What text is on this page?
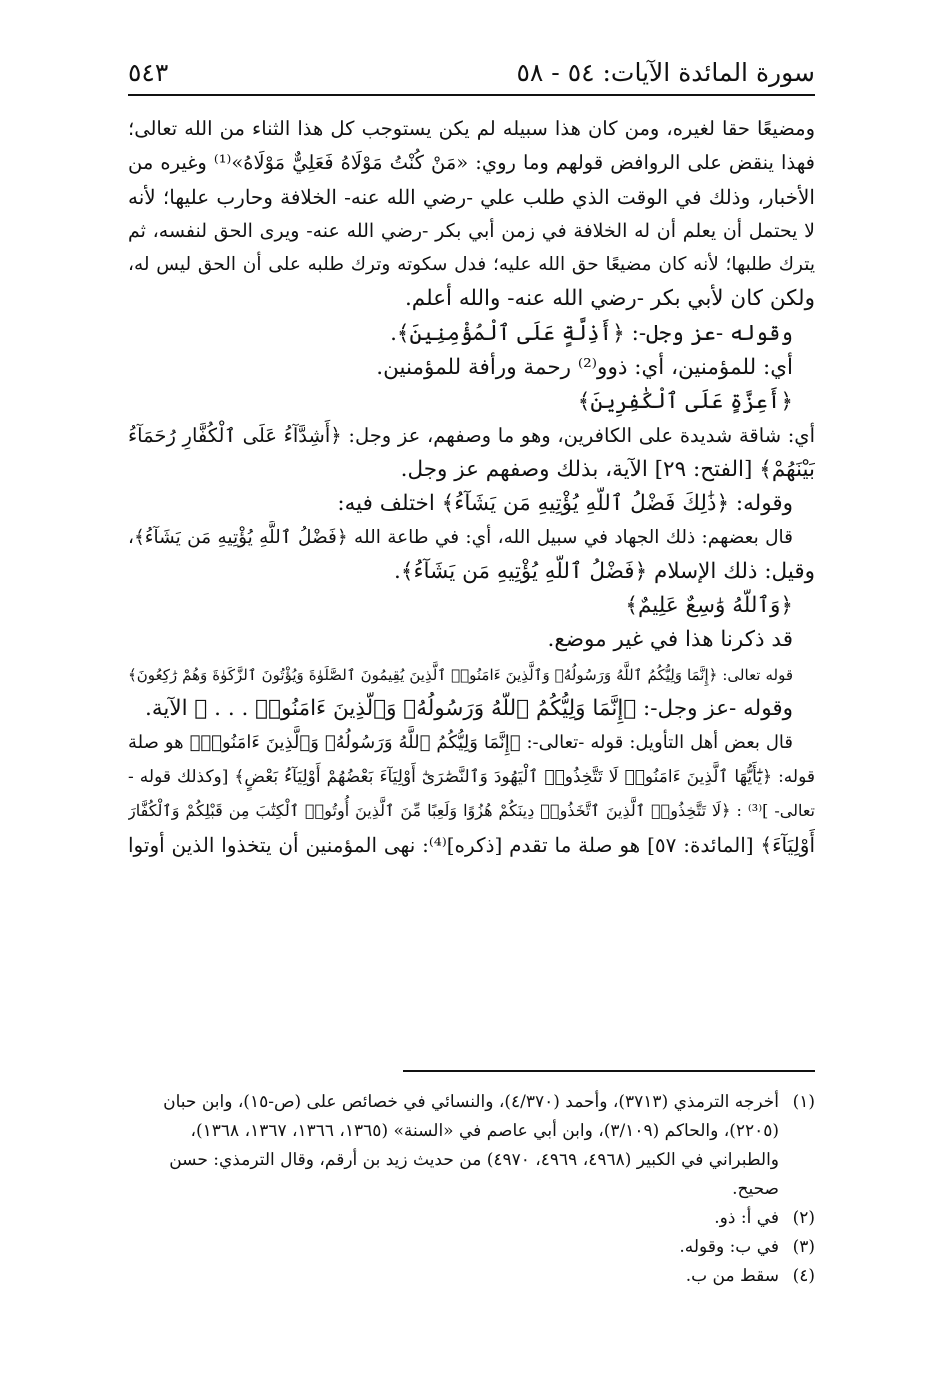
سورة المائدة الآيات: ٥٤ - ٥٨
٥٤٣
ومضيعًا حقا لغيره، ومن كان هذا سبيله لم يكن يستوجب كل هذا الثناء من الله تعالى؛
فهذا ينقض على الروافض قولهم وما روي: «مَنْ كُنْتُ مَوْلَاهُ فَعَلِيٌّ مَوْلَاهُ»⁽¹⁾ وغيره من
الأخبار، وذلك في الوقت الذي طلب علي -رضي الله عنه- الخلافة وحارب عليها؛ لأنه
لا يحتمل أن يعلم أن له الخلافة في زمن أبي بكر -رضي الله عنه- ويرى الحق لنفسه، ثم
يترك طلبها؛ لأنه كان مضيعًا حق الله عليه؛ فدل سكوته وترك طلبه على أن الحق ليس له،
ولكن كان لأبي بكر -رضي الله عنه- والله أعلم.
وقوله -عز وجل-: ﴿أَذِلَّةٍ عَلَى ٱلْمُؤْمِنِينَ﴾.
أي: للمؤمنين، أي: ذوو⁽²⁾ رحمة ورأفة للمؤمنين.
﴿أَعِزَّةٍ عَلَى ٱلْكَٰفِرِينَ﴾
أي: شاقة شديدة على الكافرين، وهو ما وصفهم، عز وجل: ﴿أَشِدَّآءُ عَلَى ٱلْكُفَّارِ رُحَمَآءُ
بَيْنَهُمْ﴾ [الفتح: ٢٩] الآية، بذلك وصفهم عز وجل.
وقوله: ﴿ذَٰلِكَ فَضْلُ ٱللَّهِ يُؤْتِيهِ مَن يَشَآءُ﴾ اختلف فيه:
قال بعضهم: ذلك الجهاد في سبيل الله، أي: في طاعة الله ﴿فَضْلُ ٱللَّهِ يُؤْتِيهِ مَن يَشَآءُ﴾،
وقيل: ذلك الإسلام ﴿فَضْلُ ٱللَّهِ يُؤْتِيهِ مَن يَشَآءُ﴾.
﴿وَٱللَّهُ وَٰسِعٌ عَلِيمٌ﴾
قد ذكرنا هذا في غير موضع.
قوله تعالى: ﴿إِنَّمَا وَلِيُّكُمُ ٱللَّهُ وَرَسُولُهُۥ وَٱلَّذِينَ ءَامَنُوا۟ ٱلَّذِينَ يُقِيمُونَ ٱلصَّلَوٰةَ وَيُؤْتُونَ ٱلزَّكَوٰةَ وَهُمْ رَٰكِعُونَ﴾
وقوله -عز وجل-: ﴿إِنَّمَا وَلِيُّكُمُ ٱللَّهُ وَرَسُولُهُۥ وَٱلَّذِينَ ءَامَنُوا۟ . . . ﴾ الآية.
قال بعض أهل التأويل: قوله -تعالى-: ﴿إِنَّمَا وَلِيُّكُمُ ٱللَّهُ وَرَسُولُهُۥ وَٱلَّذِينَ ءَامَنُوا۟﴾ هو صلة
قوله: ﴿يَٰٓأَيُّهَا ٱلَّذِينَ ءَامَنُوا۟ لَا تَتَّخِذُوا۟ ٱلْيَهُودَ وَٱلنَّصَٰرَىٰٓ أَوْلِيَآءَ بَعْضُهُمْ أَوْلِيَآءُ بَعْضٍ﴾ [وكذلك قوله -
تعالى- ]⁽³⁾ : ﴿لَا تَتَّخِذُوا۟ ٱلَّذِينَ ٱتَّخَذُوا۟ دِينَكُمْ هُزُوًا وَلَعِبًا مِّنَ ٱلَّذِينَ أُوتُوا۟ ٱلْكِتَٰبَ مِن قَبْلِكُمْ وَٱلْكُفَّارَ
أَوْلِيَآءَ﴾ [المائدة: ٥٧] هو صلة ما تقدم [ذكره]⁽⁴⁾: نهى المؤمنين أن يتخذوا الذين أوتوا
(١)
أخرجه الترمذي (٣٧١٣)، وأحمد (٤/٣٧٠)، والنسائي في خصائص على (ص-١٥)، وابن حبان
(٢٢٠٥)، والحاكم (٣/١٠٩)، وابن أبي عاصم في «السنة» (١٣٦٥، ١٣٦٦، ١٣٦٧، ١٣٦٨)،
والطبراني في الكبير (٤٩٦٨، ٤٩٦٩، ٤٩٧٠) من حديث زيد بن أرقم، وقال الترمذي: حسن
صحيح.
(٢)
في أ: ذو.
(٣)
في ب: وقوله.
(٤)
سقط من ب.
